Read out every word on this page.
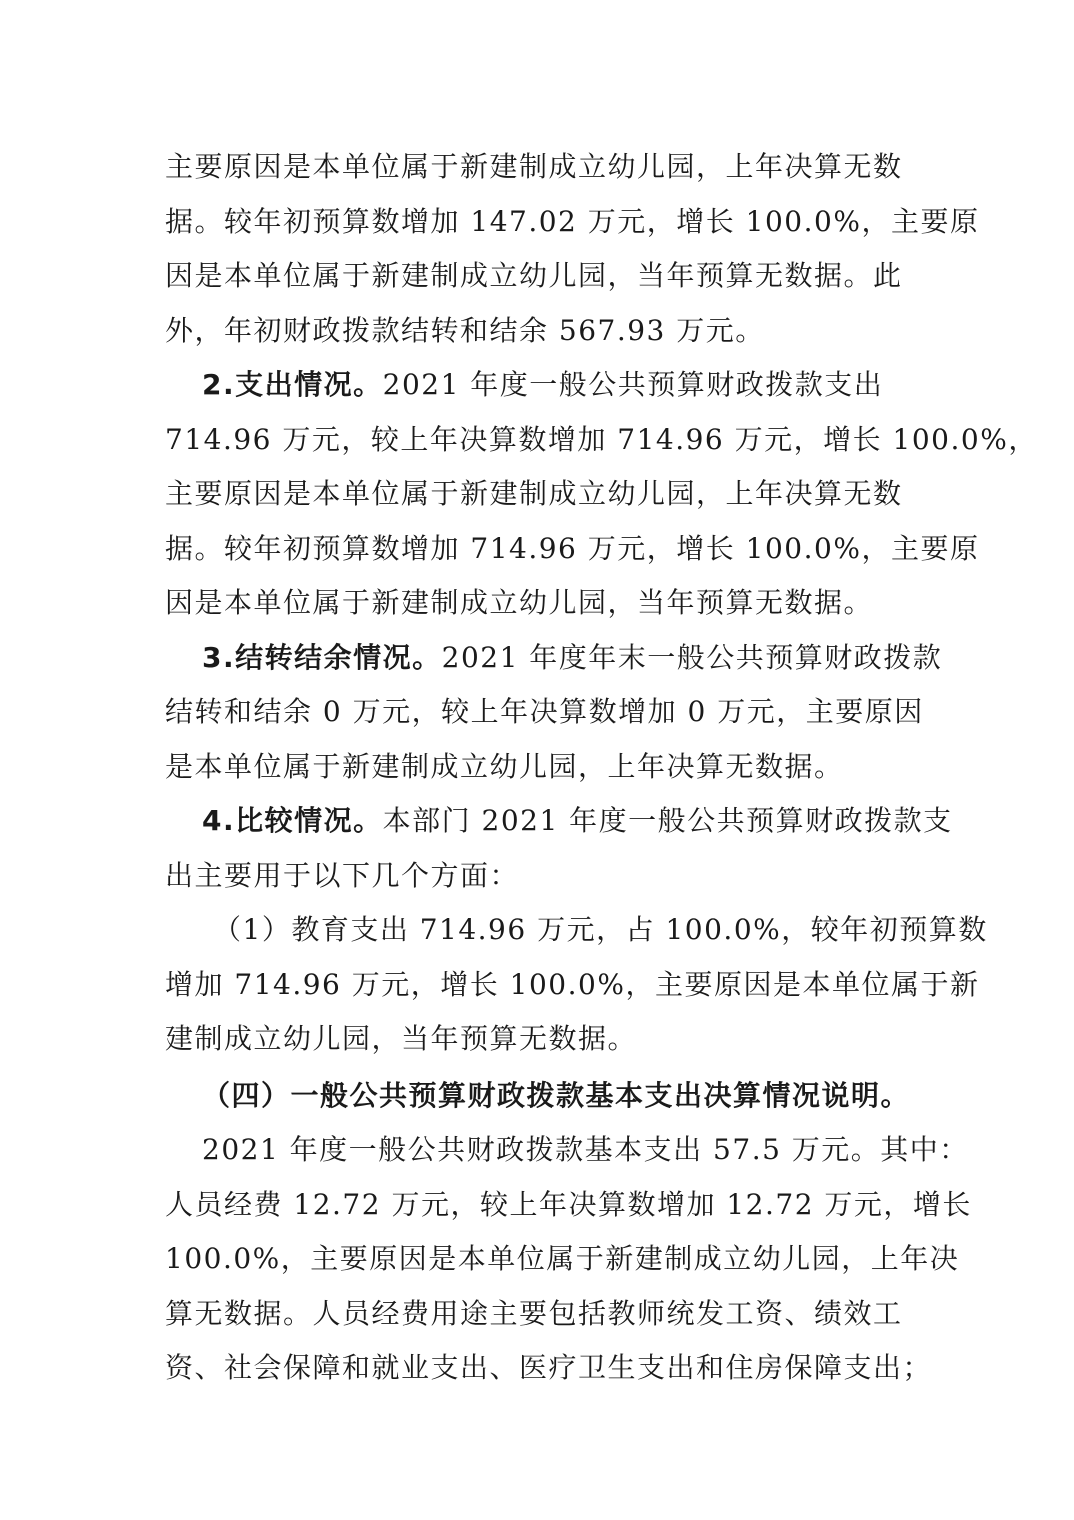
主要原因是本单位属于新建制成立幼儿园，上年决算无数
据。较年初预算数增加 147.02 万元，增长 100.0%，主要原
因是本单位属于新建制成立幼儿园，当年预算无数据。此
外，年初财政拨款结转和结余 567.93 万元。
2.支出情况。2021 年度一般公共预算财政拨款支出
714.96 万元，较上年决算数增加 714.96 万元，增长 100.0%，
主要原因是本单位属于新建制成立幼儿园，上年决算无数
据。较年初预算数增加 714.96 万元，增长 100.0%，主要原
因是本单位属于新建制成立幼儿园，当年预算无数据。
3.结转结余情况。2021 年度年末一般公共预算财政拨款
结转和结余 0 万元，较上年决算数增加 0 万元，主要原因
是本单位属于新建制成立幼儿园，上年决算无数据。
4.比较情况。本部门 2021 年度一般公共预算财政拨款支
出主要用于以下几个方面：
（1）教育支出 714.96 万元，占 100.0%，较年初预算数
增加 714.96 万元，增长 100.0%，主要原因是本单位属于新
建制成立幼儿园，当年预算无数据。
（四）一般公共预算财政拨款基本支出决算情况说明。
2021 年度一般公共财政拨款基本支出 57.5 万元。其中：
人员经费 12.72 万元，较上年决算数增加 12.72 万元，增长
100.0%，主要原因是本单位属于新建制成立幼儿园，上年决
算无数据。人员经费用途主要包括教师统发工资、绩效工
资、社会保障和就业支出、医疗卫生支出和住房保障支出；
